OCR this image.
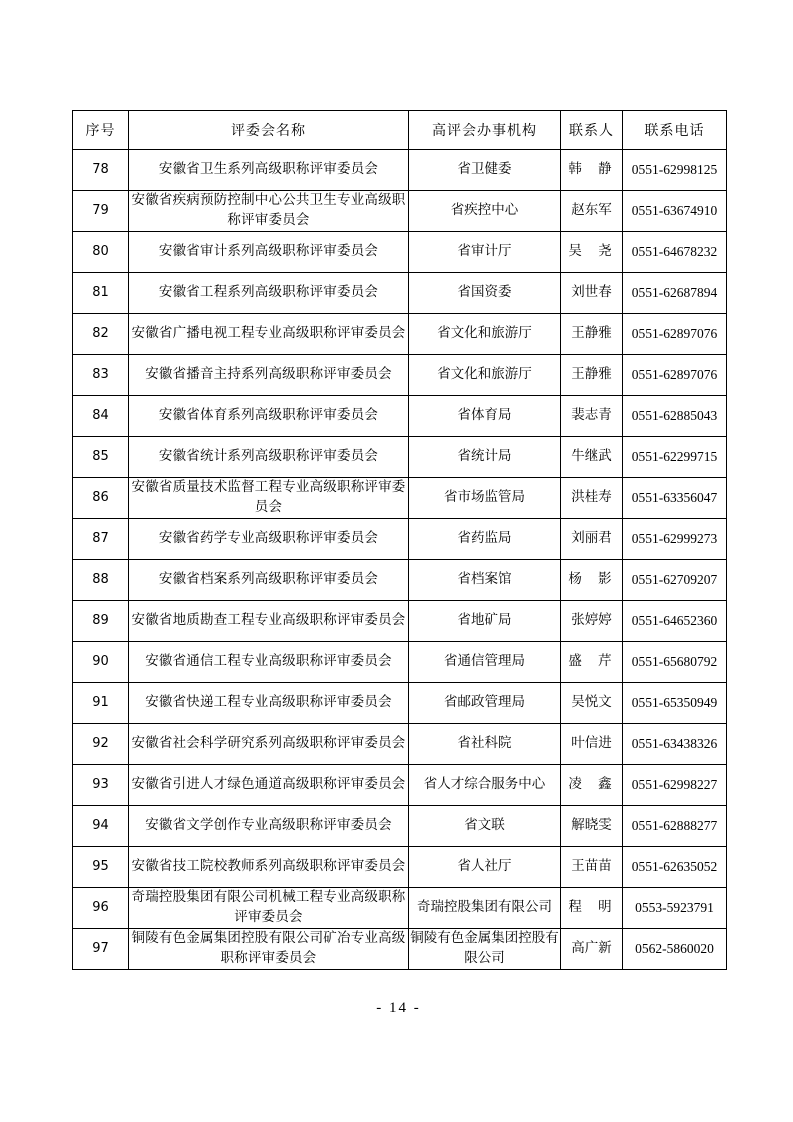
序号	评委会名称	高评会办事机构	联系人	联系电话
78	安徽省卫生系列高级职称评审委员会	省卫健委	韩 静	0551-62998125
79	安徽省疾病预防控制中心公共卫生专业高级职称评审委员会	省疾控中心	赵东军	0551-63674910
80	安徽省审计系列高级职称评审委员会	省审计厅	吴 尧	0551-64678232
81	安徽省工程系列高级职称评审委员会	省国资委	刘世春	0551-62687894
82	安徽省广播电视工程专业高级职称评审委员会	省文化和旅游厅	王静雅	0551-62897076
83	安徽省播音主持系列高级职称评审委员会	省文化和旅游厅	王静雅	0551-62897076
84	安徽省体育系列高级职称评审委员会	省体育局	裴志青	0551-62885043
85	安徽省统计系列高级职称评审委员会	省统计局	牛继武	0551-62299715
86	安徽省质量技术监督工程专业高级职称评审委员会	省市场监管局	洪桂寿	0551-63356047
87	安徽省药学专业高级职称评审委员会	省药监局	刘丽君	0551-62999273
88	安徽省档案系列高级职称评审委员会	省档案馆	杨 影	0551-62709207
89	安徽省地质勘查工程专业高级职称评审委员会	省地矿局	张婷婷	0551-64652360
90	安徽省通信工程专业高级职称评审委员会	省通信管理局	盛 芹	0551-65680792
91	安徽省快递工程专业高级职称评审委员会	省邮政管理局	吴悦文	0551-65350949
92	安徽省社会科学研究系列高级职称评审委员会	省社科院	叶信进	0551-63438326
93	安徽省引进人才绿色通道高级职称评审委员会	省人才综合服务中心	凌 鑫	0551-62998227
94	安徽省文学创作专业高级职称评审委员会	省文联	解晓雯	0551-62888277
95	安徽省技工院校教师系列高级职称评审委员会	省人社厅	王苗苗	0551-62635052
96	奇瑞控股集团有限公司机械工程专业高级职称评审委员会	奇瑞控股集团有限公司	程 明	0553-5923791
97	铜陵有色金属集团控股有限公司矿冶专业高级职称评审委员会	铜陵有色金属集团控股有限公司	高广新	0562-5860020
- 14 -
